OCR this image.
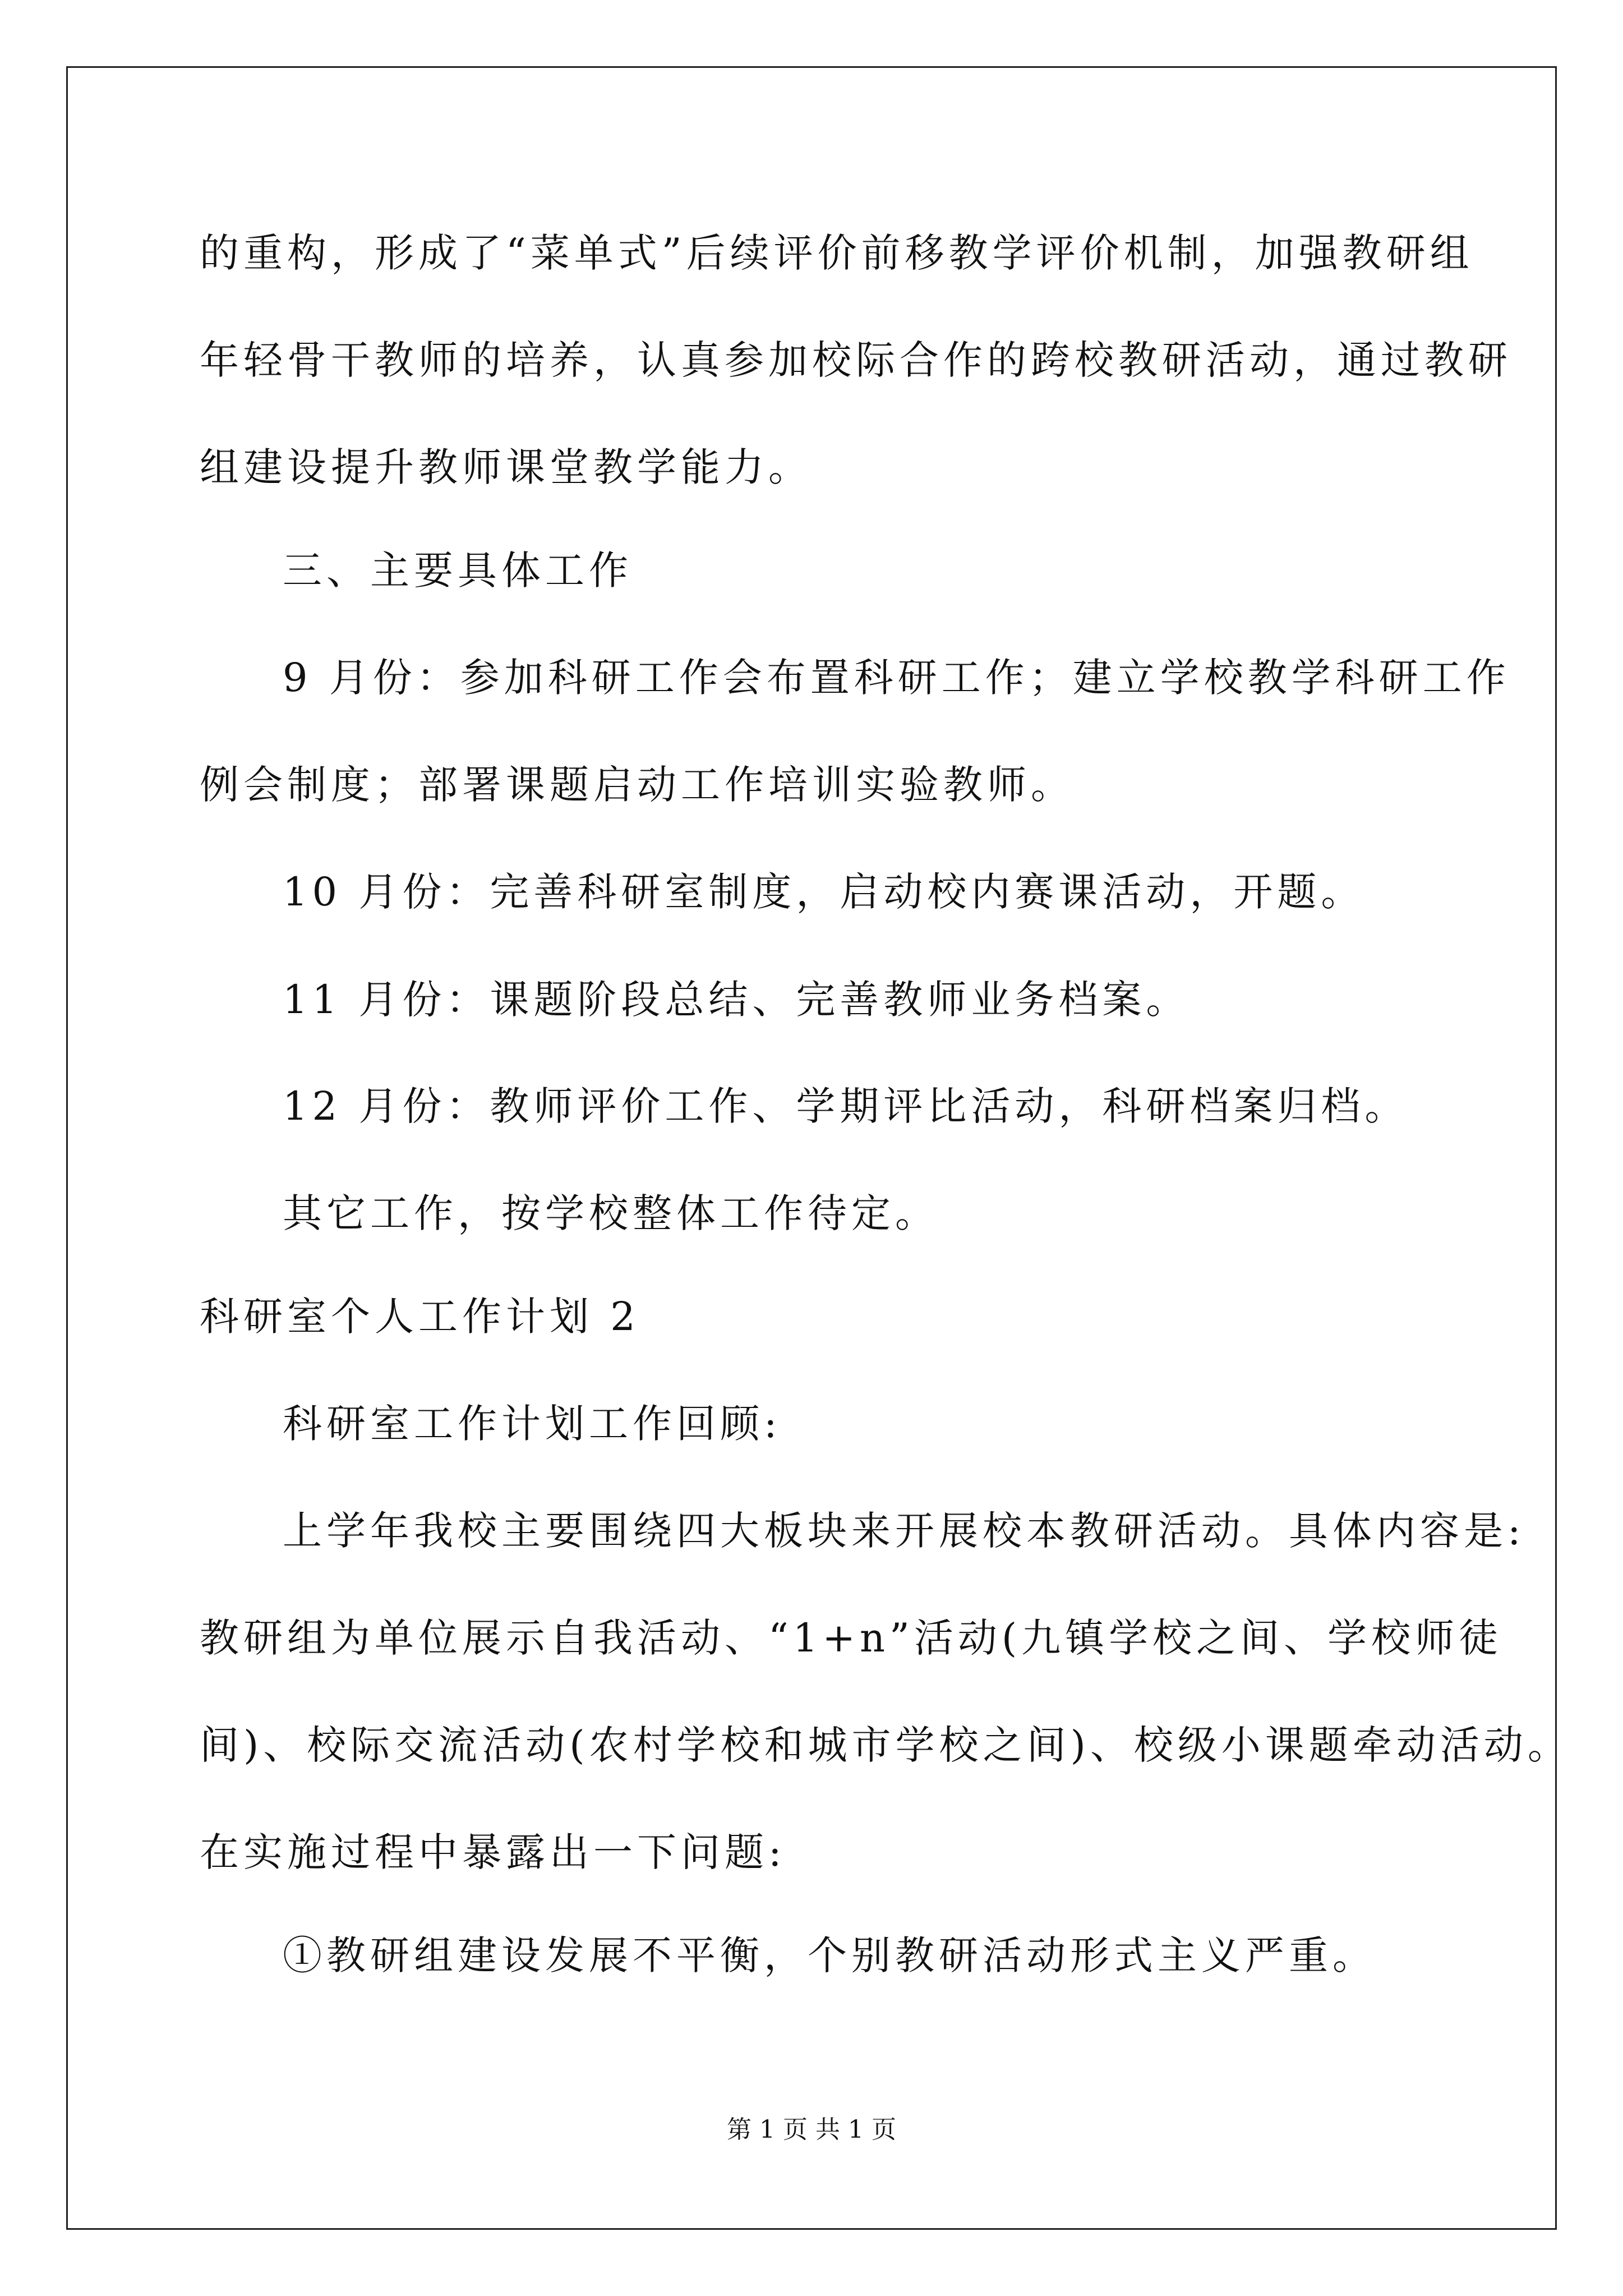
的重构，形成了“菜单式”后续评价前移教学评价机制，加强教研组
年轻骨干教师的培养，认真参加校际合作的跨校教研活动，通过教研
组建设提升教师课堂教学能力。
三、主要具体工作
9 月份：参加科研工作会布置科研工作；建立学校教学科研工作
例会制度；部署课题启动工作培训实验教师。
10 月份：完善科研室制度，启动校内赛课活动，开题。
11 月份：课题阶段总结、完善教师业务档案。
12 月份：教师评价工作、学期评比活动，科研档案归档。
其它工作，按学校整体工作待定。
科研室个人工作计划 2
科研室工作计划工作回顾:
上学年我校主要围绕四大板块来开展校本教研活动。具体内容是:
教研组为单位展示自我活动、“1+n”活动(九镇学校之间、学校师徒
间)、校际交流活动(农村学校和城市学校之间)、校级小课题牵动活动。
在实施过程中暴露出一下问题:
①教研组建设发展不平衡，个别教研活动形式主义严重。
第 1 页 共 1 页
